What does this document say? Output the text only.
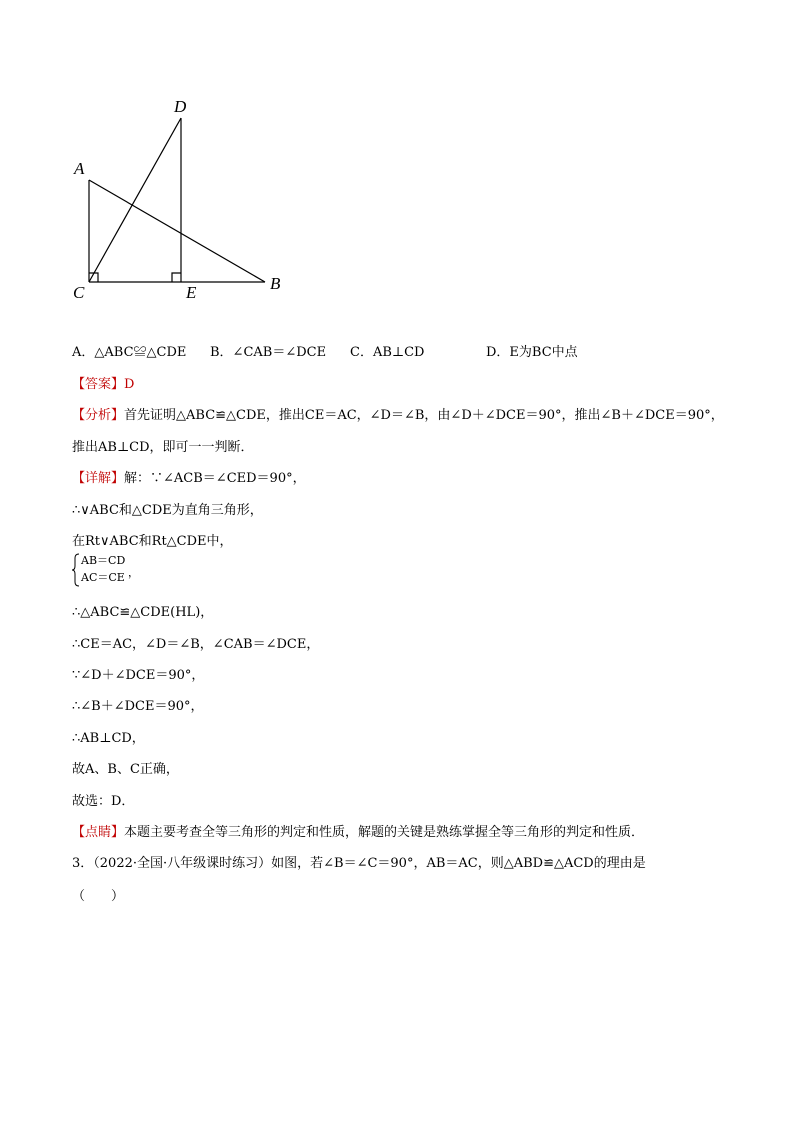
A
B
C
D
E
A．△ABC≌△CDE B．∠CAB＝∠DCE C．AB⊥CD	D．E为BC中点
【答案】D
【分析】首先证明△ABC≌△CDE，推出CE＝AC，∠D＝∠B，由∠D＋∠DCE＝90°，推出∠B＋∠DCE＝90°，
推出AB⊥CD，即可一一判断．
【详解】解：∵∠ACB＝∠CED＝90°，
∴∨ABC和△CDE为直角三角形，
在Rt∨ABC和Rt△CDE中，
AB＝CD
AC＝CE ，
∴△ABC≌△CDE(HL)，
∴CE＝AC，∠D＝∠B，∠CAB＝∠DCE，
∵∠D＋∠DCE＝90°，
∴∠B＋∠DCE＝90°，
∴AB⊥CD，
故A、B、C正确，
故选：D．
【点睛】本题主要考查全等三角形的判定和性质，解题的关键是熟练掌握全等三角形的判定和性质．
3．（2022·全国·八年级课时练习）如图，若∠B＝∠C＝90°，AB＝AC，则△ABD≌△ACD的理由是
（　　）
